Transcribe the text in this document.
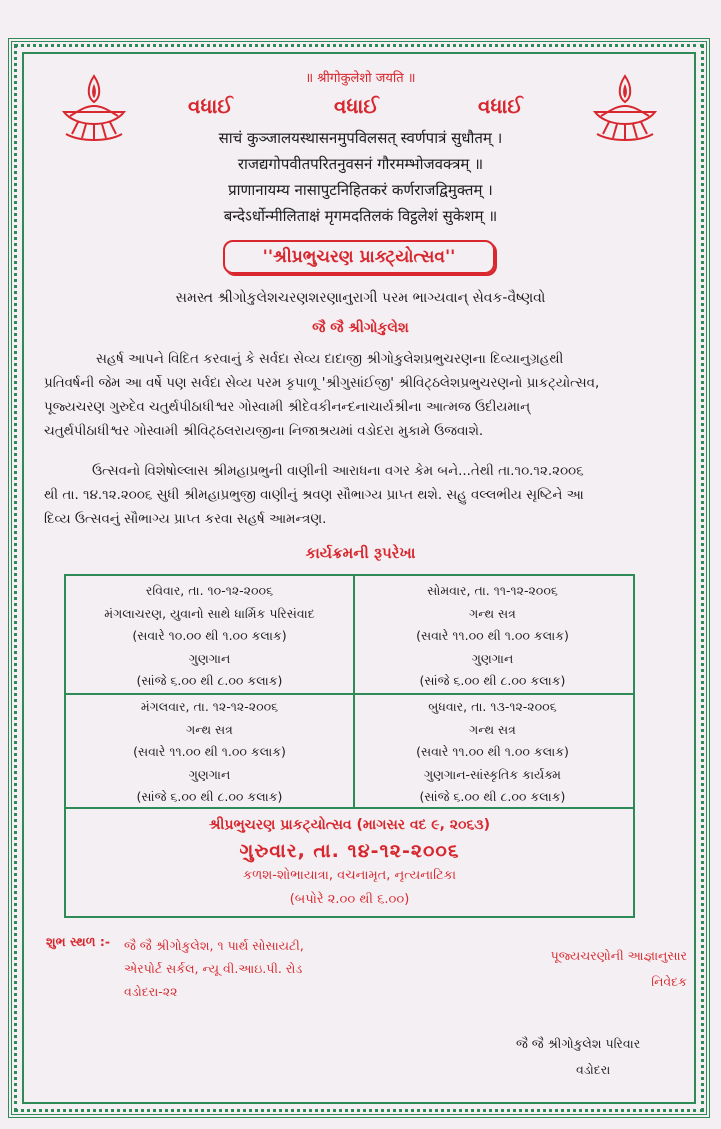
॥ श्रीगोकुलेशो जयति ॥
વધાઈ	વધાઈ	વધાઈ
साचं कुञ्जालयस्थासनमुपविलसत् स्वर्णपात्रं सुधौतम् ।
राजद्यगोपवीतपरितनुवसनं गौरमम्भोजवक्त्रम् ॥
प्राणानायम्य नासापुटनिहितकरं कर्णराजद्विमुक्तम् ।
बन्देऽर्धोन्मीलिताक्षं मृगमदतिलकं विट्ठलेशं सुकेशम् ॥
''શ્રીપ્રભુચરણ પ્રાક્ટ્યોત્સવ''
સમસ્ત શ્રીગોકુલેશચરણશરણાનુરાગી પરમ ભાગ્યવાન્ સેવક-વૈષ્ણવો
જૈ જૈ શ્રીગોકુલેશ
સહર્ષ આપને વિદિત કરવાનું કે સર્વદા સેવ્ય દાદાજી શ્રીગોકુલેશપ્રભુચરણના દિવ્યાનુગ્રહથી
પ્રતિવર્ષની જેમ આ વર્ષે પણ સર્વદા સેવ્ય પરમ કૃપાળૂ 'શ્રીગુસાંઈજી' શ્રીવિટ્ઠલેશપ્રભુચરણનો પ્રાકટ્યોત્સવ,
પૂજ્યચરણ ગુરુદેવ ચતુર્થપીઠાધીશ્વર ગોસ્વામી શ્રીદેવકીનન્દનાચાર્યશ્રીના આત્મજ ઉદીયમાન્
ચતુર્થપીઠાધીશ્વર ગોસ્વામી શ્રીવિટ્ઠલરાયજીના નિજાશ્રયમાં વડોદરા મુકામે ઉજવાશે.
ઉત્સવનો વિશેષોલ્લાસ શ્રીમહાપ્રભુની વાણીની આરાધના વગર કેમ બને...તેથી તા.૧૦.૧૨.૨૦૦૬
થી તા. ૧૪.૧૨.૨૦૦૬ સુધી શ્રીમહાપ્રભુજી વાણીનું શ્રવણ સૌભાગ્ય પ્રાપ્ત થશે. સહુ વલ્લભીય સૃષ્ટિને આ
દિવ્ય ઉત્સવનું સૌભાગ્ય પ્રાપ્ત કરવા સહર્ષ આમન્ત્રણ.
કાર્યક્રમની રૂપરેખા
રવિવાર, તા. ૧૦-૧૨-૨૦૦૬
મંગલાચરણ, યુવાનો સાથે ધાર્મિક પરિસંવાદ
(સવારે ૧૦.૦૦ થી ૧.૦૦ કલાક)
ગુણગાન
(સાંજે ૬.૦૦ થી ૮.૦૦ કલાક)
સોમવાર, તા. ૧૧-૧૨-૨૦૦૬
ગન્થ સત્ર
(સવારે ૧૧.૦૦ થી ૧.૦૦ કલાક)
ગુણગાન
(સાંજે ૬.૦૦ થી ૮.૦૦ કલાક)
મંગલવાર, તા. ૧૨-૧૨-૨૦૦૬
ગન્થ સત્ર
(સવારે ૧૧.૦૦ થી ૧.૦૦ કલાક)
ગુણગાન
(સાંજે ૬.૦૦ થી ૮.૦૦ કલાક)
બુધવાર, તા. ૧૩-૧૨-૨૦૦૬
ગન્થ સત્ર
(સવારે ૧૧.૦૦ થી ૧.૦૦ કલાક)
ગુણગાન-સાંસ્કૃતિક કાર્યક્મ
(સાંજે ૬.૦૦ થી ૮.૦૦ કલાક)
શ્રીપ્રભુચરણ પ્રાકટ્યોત્સવ (માગસર વદ ૯, ૨૦૬૩)
ગુરુવાર, તા. ૧૪-૧૨-૨૦૦૬
કળશ-શોભાયાત્રા, વચનામૃત, નૃત્યનાટિકા
(બપોરે ૨.૦૦ થી ૬.૦૦)
શુભ સ્થળ :- જૈ જૈ શ્રીગોકુલેશ, ૧ પાર્થ સોસાયટી,
એરપોર્ટ સર્કલ, ન્યૂ વી.આઇ.પી. રોડ
વડોદરા-૨૨
પૂજ્યચરણોની આજ્ઞાનુસાર
નિવેદક
જૈ જૈ શ્રીગોકુલેશ પરિવાર
વડોદરા
